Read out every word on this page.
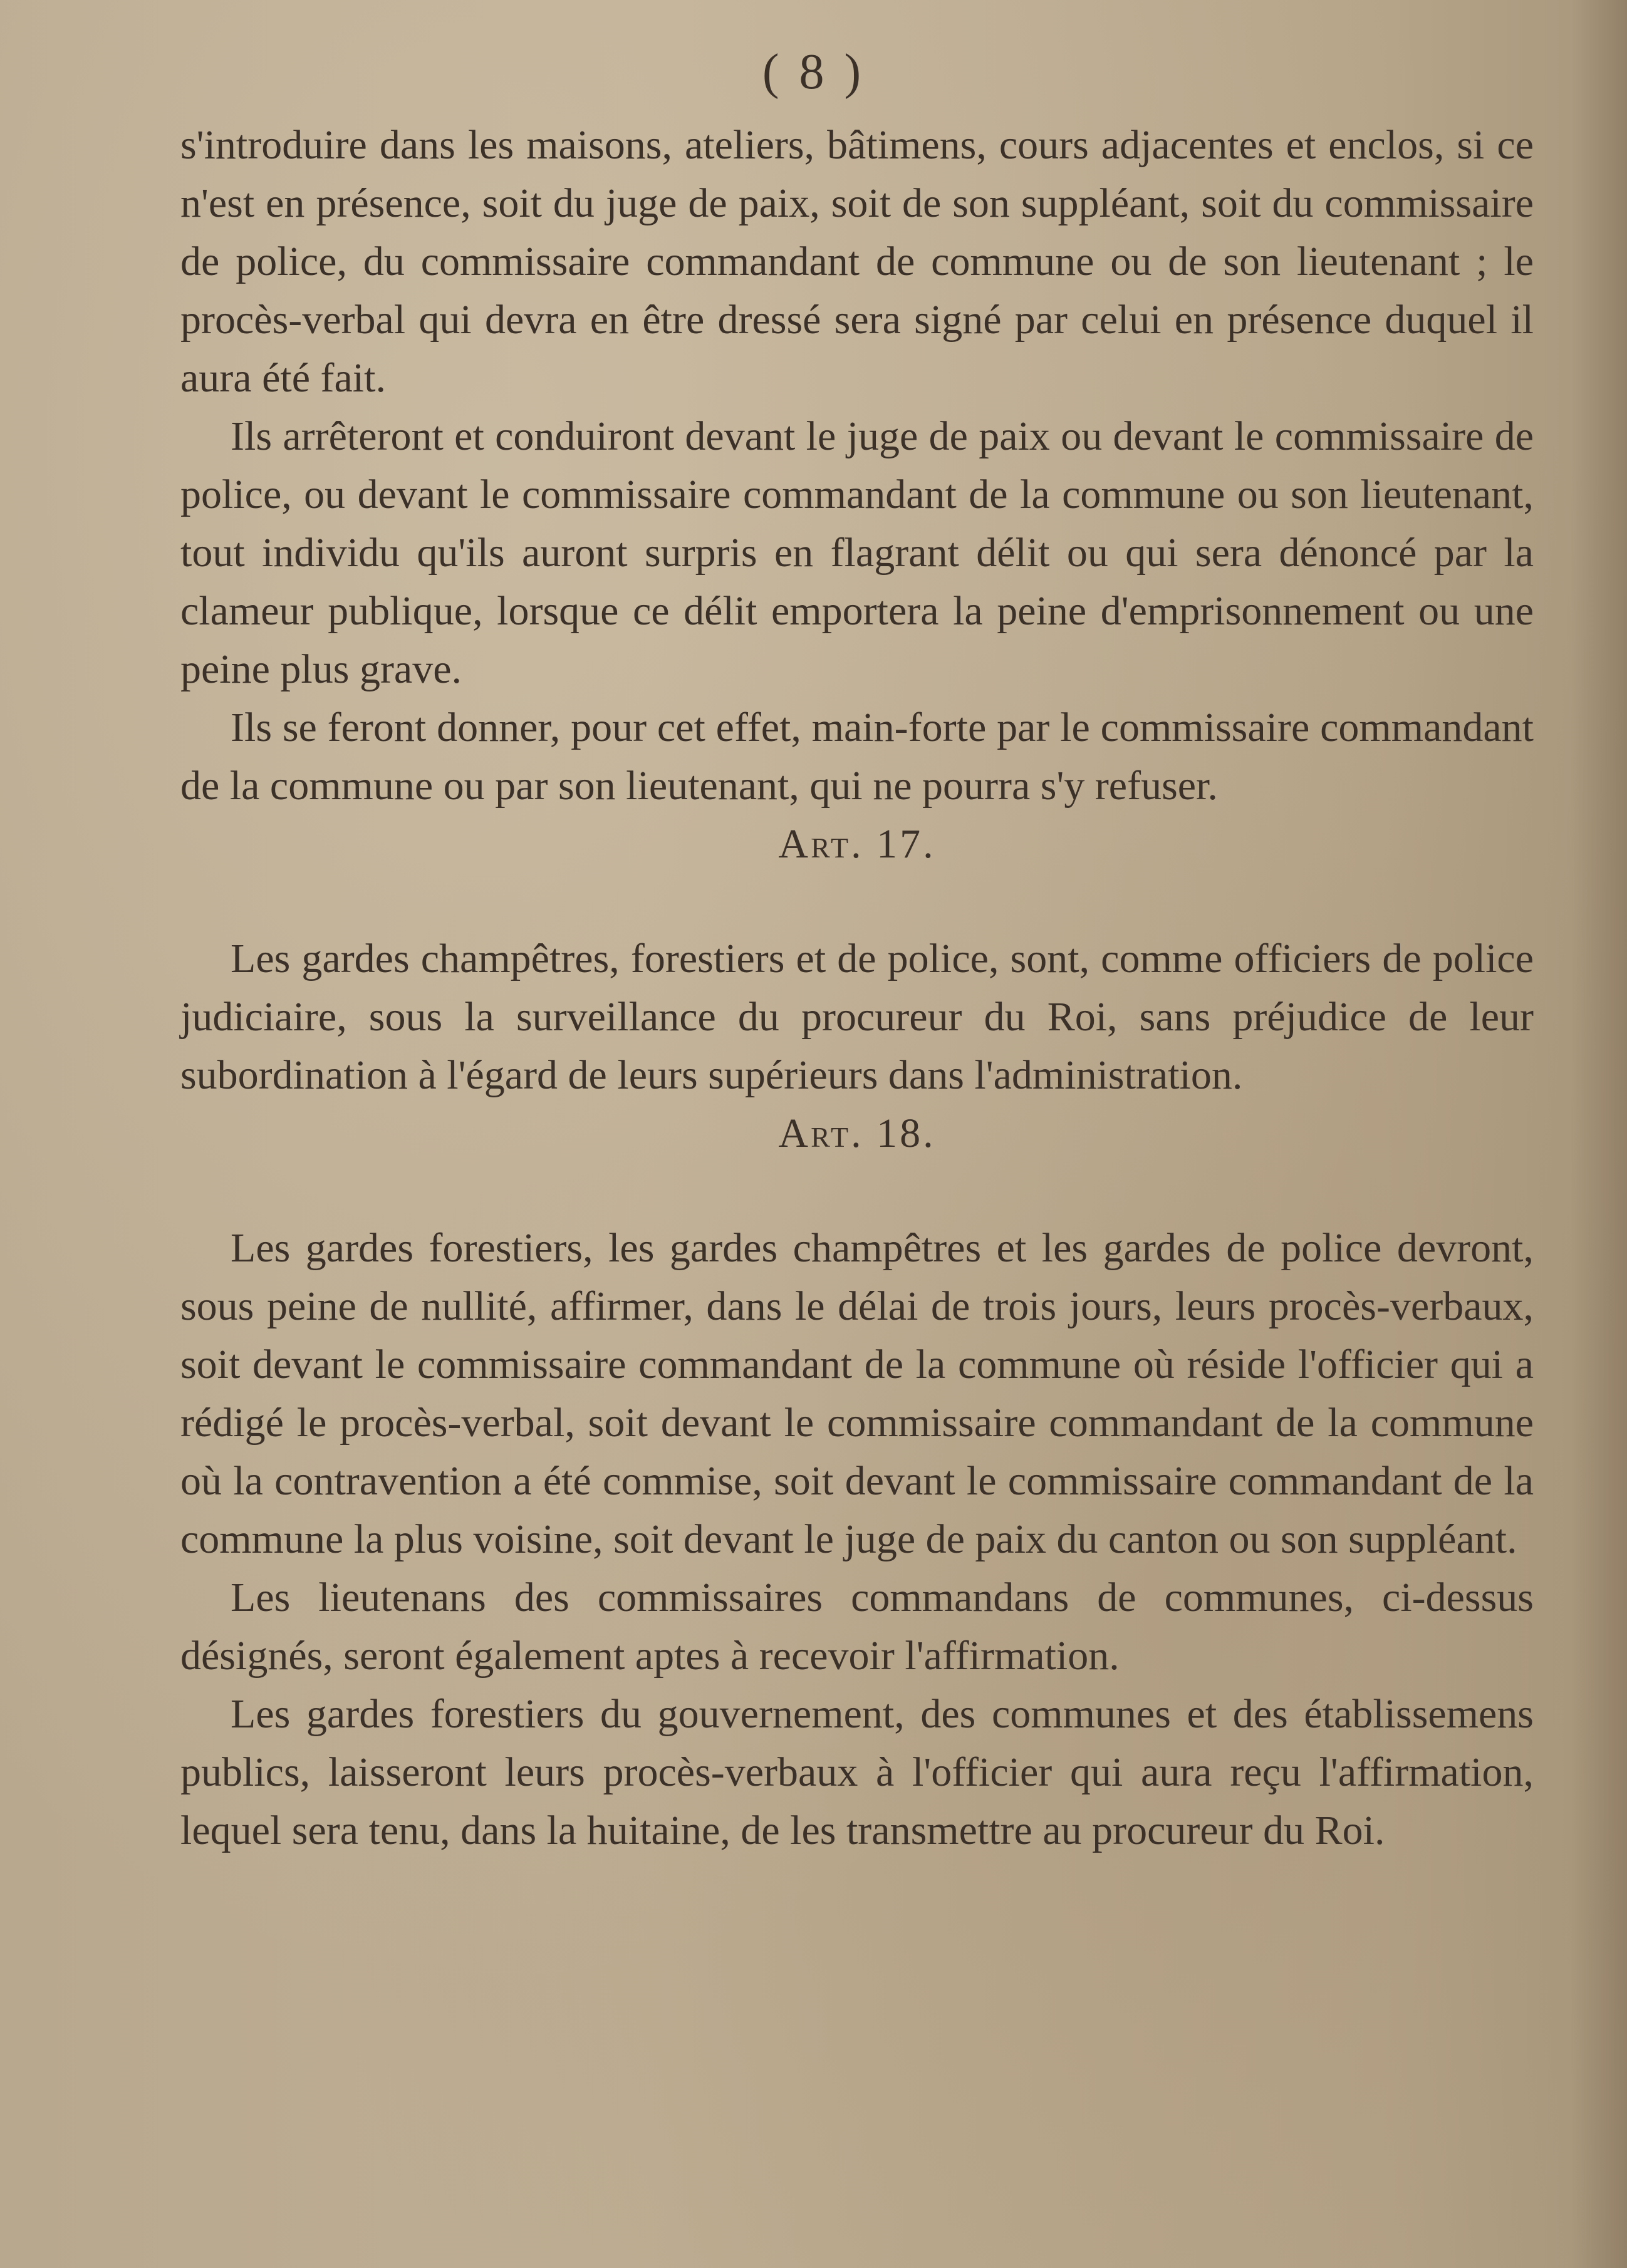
( 8 )

s'introduire dans les maisons, ateliers, bâtimens, cours adjacentes et enclos, si ce n'est en présence, soit du juge de paix, soit de son suppléant, soit du commissaire de police, du commissaire commandant de commune ou de son lieutenant ; le procès-verbal qui devra en être dressé sera signé par celui en présence duquel il aura été fait.

Ils arrêteront et conduiront devant le juge de paix ou devant le commissaire de police, ou devant le commissaire commandant de la commune ou son lieutenant, tout individu qu'ils auront surpris en flagrant délit ou qui sera dénoncé par la clameur publique, lorsque ce délit emportera la peine d'emprisonnement ou une peine plus grave.

Ils se feront donner, pour cet effet, main-forte par le commissaire commandant de la commune ou par son lieutenant, qui ne pourra s'y refuser.

Art. 17.

Les gardes champêtres, forestiers et de police, sont, comme officiers de police judiciaire, sous la surveillance du procureur du Roi, sans préjudice de leur subordination à l'égard de leurs supérieurs dans l'administration.

Art. 18.

Les gardes forestiers, les gardes champêtres et les gardes de police devront, sous peine de nullité, affirmer, dans le délai de trois jours, leurs procès-verbaux, soit devant le commissaire commandant de la commune où réside l'officier qui a rédigé le procès-verbal, soit devant le commissaire commandant de la commune où la contravention a été commise, soit devant le commissaire commandant de la commune la plus voisine, soit devant le juge de paix du canton ou son suppléant.

Les lieutenans des commissaires commandans de communes, ci-dessus désignés, seront également aptes à recevoir l'affirmation.

Les gardes forestiers du gouvernement, des communes et des établissemens publics, laisseront leurs procès-verbaux à l'officier qui aura reçu l'affirmation, lequel sera tenu, dans la huitaine, de les transmettre au procureur du Roi.
